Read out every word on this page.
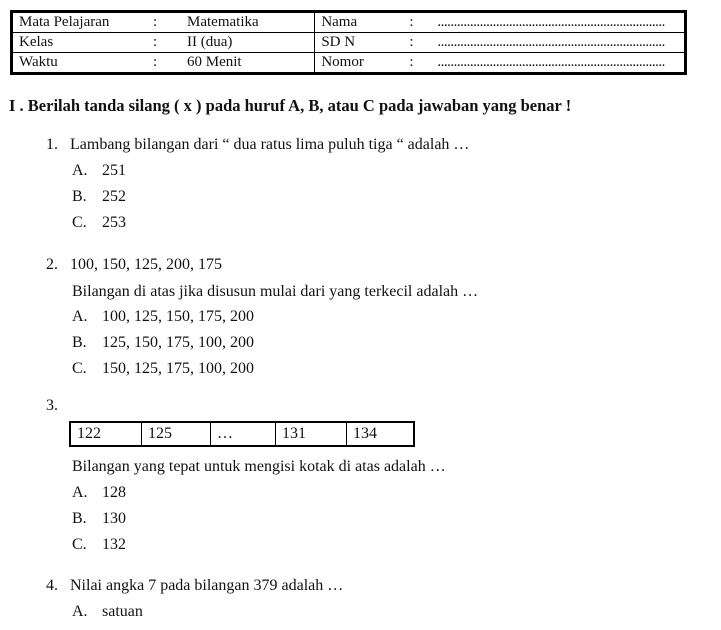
Mata Pelajaran : Matematika	Nama : ......................................................................

Kelas : II (dua)	SD N : ......................................................................

Waktu : 60 Menit	Nomor : ......................................................................
I . Berilah tanda silang ( x ) pada huruf A, B, atau C pada jawaban yang benar !
1. Lambang bilangan dari “ dua ratus lima puluh tiga “ adalah …
A. 251
B. 252
C. 253
2. 100, 150, 125, 200, 175
Bilangan di atas jika disusun mulai dari yang terkecil adalah …
A. 100, 125, 150, 175, 200
B. 125, 150, 175, 100, 200
C. 150, 125, 175, 100, 200
3.
122	125	…	131	134
Bilangan yang tepat untuk mengisi kotak di atas adalah …
A. 128
B. 130
C. 132
4. Nilai angka 7 pada bilangan 379 adalah …
A. satuan
